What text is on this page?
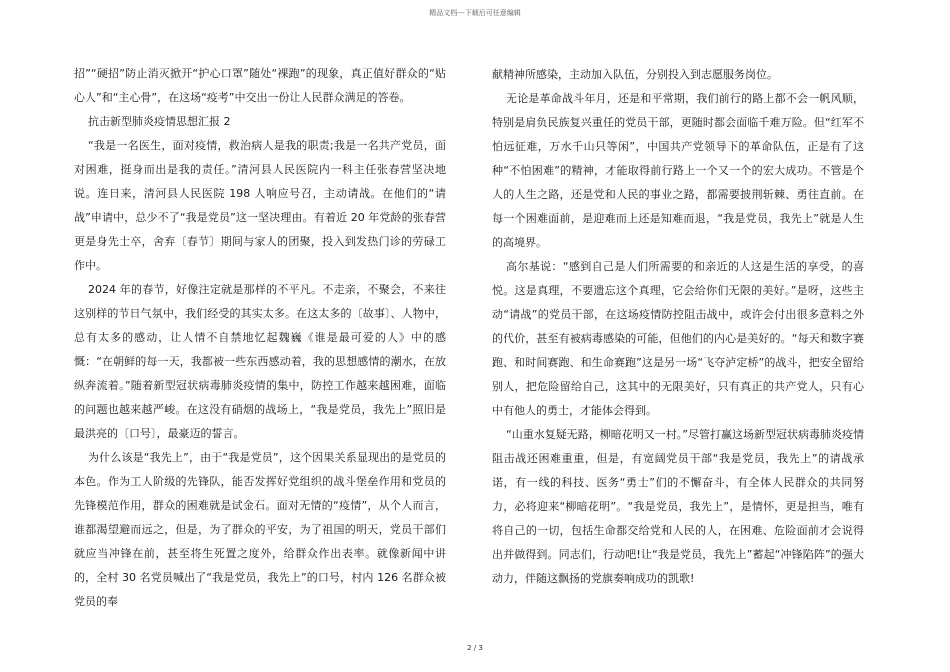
精品文档---下载后可任意编辑

招”“硬招”防止消灭掀开“护心口罩”随处“裸跑”的现象，真正值好群众的“贴心人”和“主心骨”，在这场“疫考”中交出一份让人民群众满足的答卷。

抗击新型肺炎疫情思想汇报 2

“我是一名医生，面对疫情，救治病人是我的职责;我是一名共产党员，面对困难，挺身而出是我的责任。”清河县人民医院内一科主任张春营坚决地说。连日来，清河县人民医院 198 人响应号召，主动请战。在他们的“请战”申请中，总少不了“我是党员”这一坚决理由。有着近 20 年党龄的张春营更是身先士卒，舍弃〔春节〕期间与家人的团聚，投入到发热门诊的劳碌工作中。

2024 年的春节，好像注定就是那样的不平凡。不走亲，不聚会，不来往这别样的节日气氛中，我们经受的其实太多。在这太多的〔故事〕、人物中，总有太多的感动，让人情不自禁地忆起魏巍《谁是最可爱的人》中的感慨：“在朝鲜的每一天，我都被一些东西感动着，我的思想感情的潮水，在放纵奔流着。”随着新型冠状病毒肺炎疫情的集中，防控工作越来越困难，面临的问题也越来越严峻。在这没有硝烟的战场上，“我是党员，我先上”照旧是最洪亮的〔口号〕，最豪迈的誓言。

为什么该是“我先上”，由于“我是党员”，这个因果关系显现出的是党员的本色。作为工人阶级的先锋队，能否发挥好党组织的战斗堡垒作用和党员的先锋模范作用，群众的困难就是试金石。面对无情的“疫情”，从个人而言，谁都渴望避而远之，但是，为了群众的平安，为了祖国的明天，党员干部们就应当冲锋在前，甚至将生死置之度外，给群众作出表率。就像新闻中讲的，全村 30 名党员喊出了“我是党员，我先上”的口号，村内 126 名群众被党员的奉

献精神所感染，主动加入队伍，分别投入到志愿服务岗位。

无论是革命战斗年月，还是和平常期，我们前行的路上都不会一帆风顺，特别是肩负民族复兴重任的党员干部，更随时都会面临千难万险。但“红军不怕远征难，万水千山只等闲”，中国共产党领导下的革命队伍，正是有了这种“不怕困难”的精神，才能取得前行路上一个又一个的宏大成功。不管是个人的人生之路，还是党和人民的事业之路，都需要披荆斩棘、勇往直前。在每一个困难面前，是迎难而上还是知难而退，“我是党员，我先上”就是人生的高境界。

高尔基说：“感到自己是人们所需要的和亲近的人这是生活的享受，的喜悦。这是真理，不要遗忘这个真理，它会给你们无限的美好。”是呀，这些主动“请战”的党员干部，在这场疫情防控阻击战中，或许会付出很多意料之外的代价，甚至有被病毒感染的可能，但他们的内心是美好的。“每天和数字赛跑、和时间赛跑、和生命赛跑”这是另一场“飞夺泸定桥”的战斗，把安全留给别人，把危险留给自己，这其中的无限美好，只有真正的共产党人，只有心中有他人的勇士，才能体会得到。

“山重水复疑无路，柳暗花明又一村。”尽管打赢这场新型冠状病毒肺炎疫情阻击战还困难重重，但是，有宽阔党员干部“我是党员，我先上”的请战承诺，有一线的科技、医务“勇士”们的不懈奋斗，有全体人民群众的共同努力，必将迎来“柳暗花明”。“我是党员，我先上”，是情怀，更是担当，唯有将自己的一切，包括生命都交给党和人民的人，在困难、危险面前才会说得出并做得到。同志们，行动吧!让“我是党员，我先上”蓄起“冲锋陷阵”的强大动力，伴随这飘扬的党旗奏响成功的凯歌!

2 / 3
